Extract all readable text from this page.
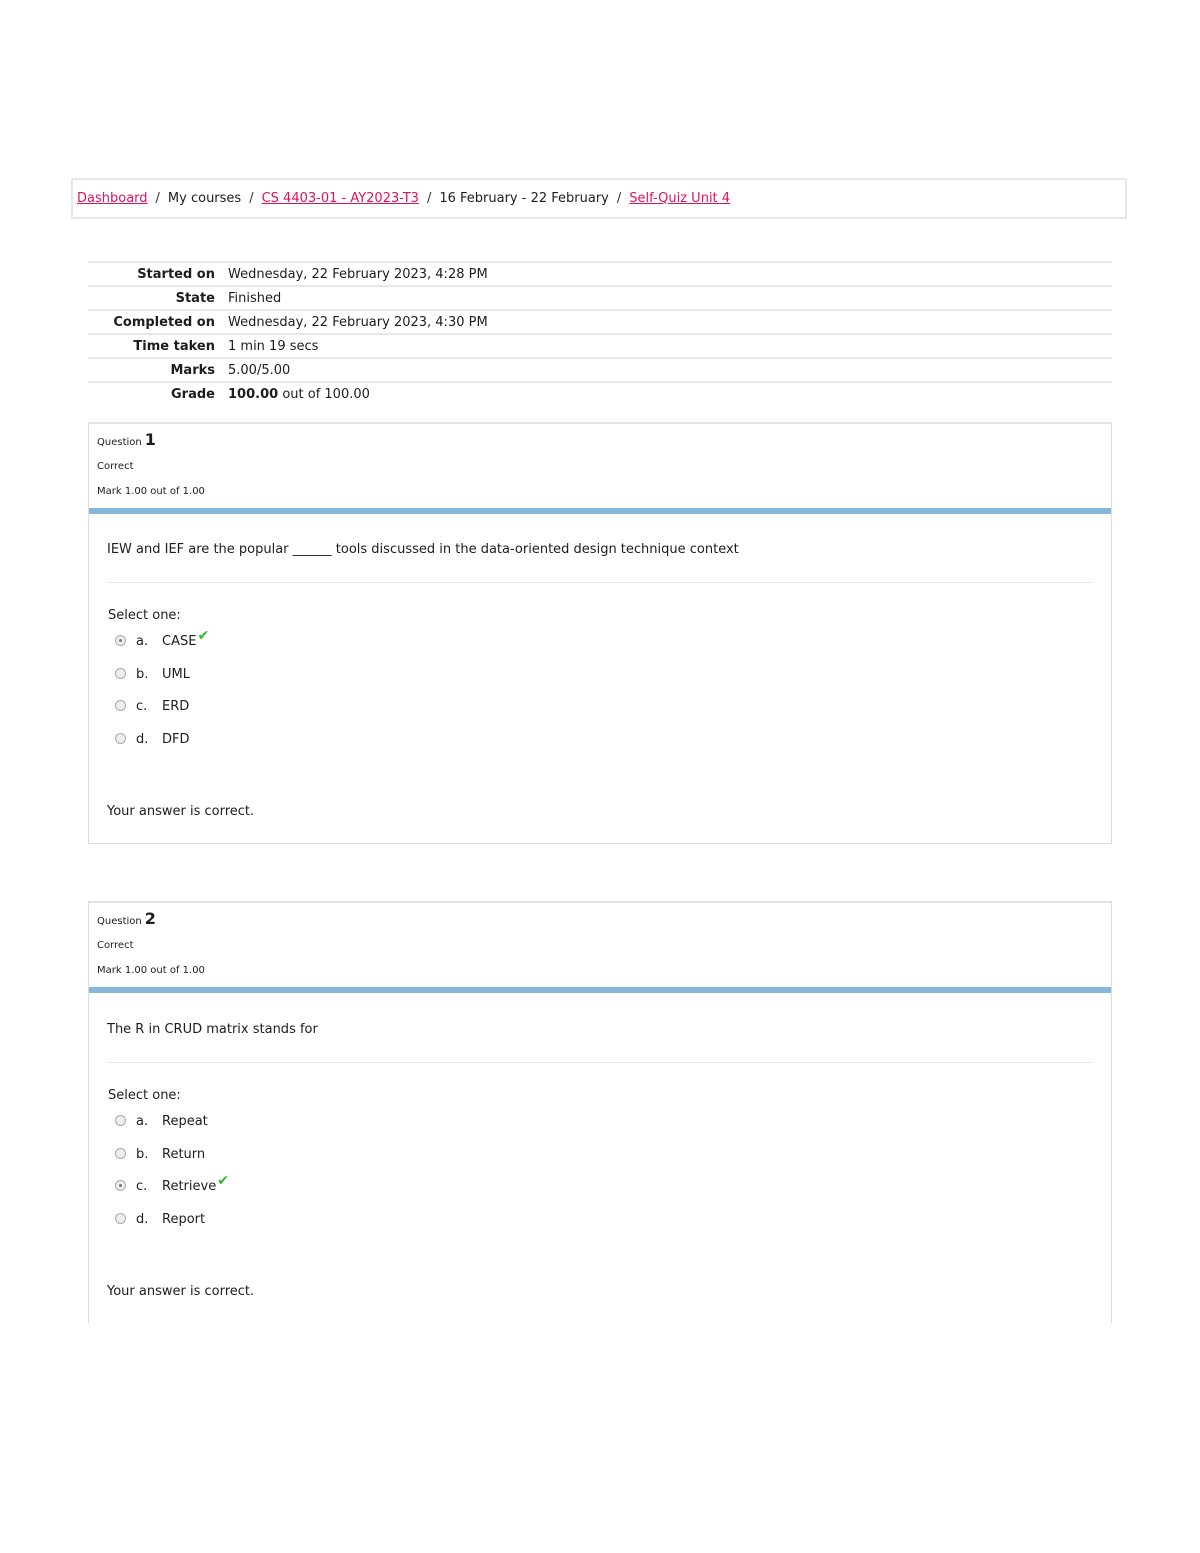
Dashboard / My courses / CS 4403-01 - AY2023-T3 / 16 February - 22 February / Self-Quiz Unit 4
Started on	Wednesday, 22 February 2023, 4:28 PM
State	Finished
Completed on	Wednesday, 22 February 2023, 4:30 PM
Time taken	1 min 19 secs
Marks	5.00/5.00
Grade	100.00 out of 100.00
Question 1
Correct
Mark 1.00 out of 1.00
IEW and IEF are the popular ______ tools discussed in the data-oriented design technique context
Select one:
a.	CASE ✔
b.	UML
c.	ERD
d.	DFD
Your answer is correct.
Question 2
Correct
Mark 1.00 out of 1.00
The R in CRUD matrix stands for
Select one:
a.	Repeat
b.	Return
c.	Retrieve ✔
d.	Report
Your answer is correct.
